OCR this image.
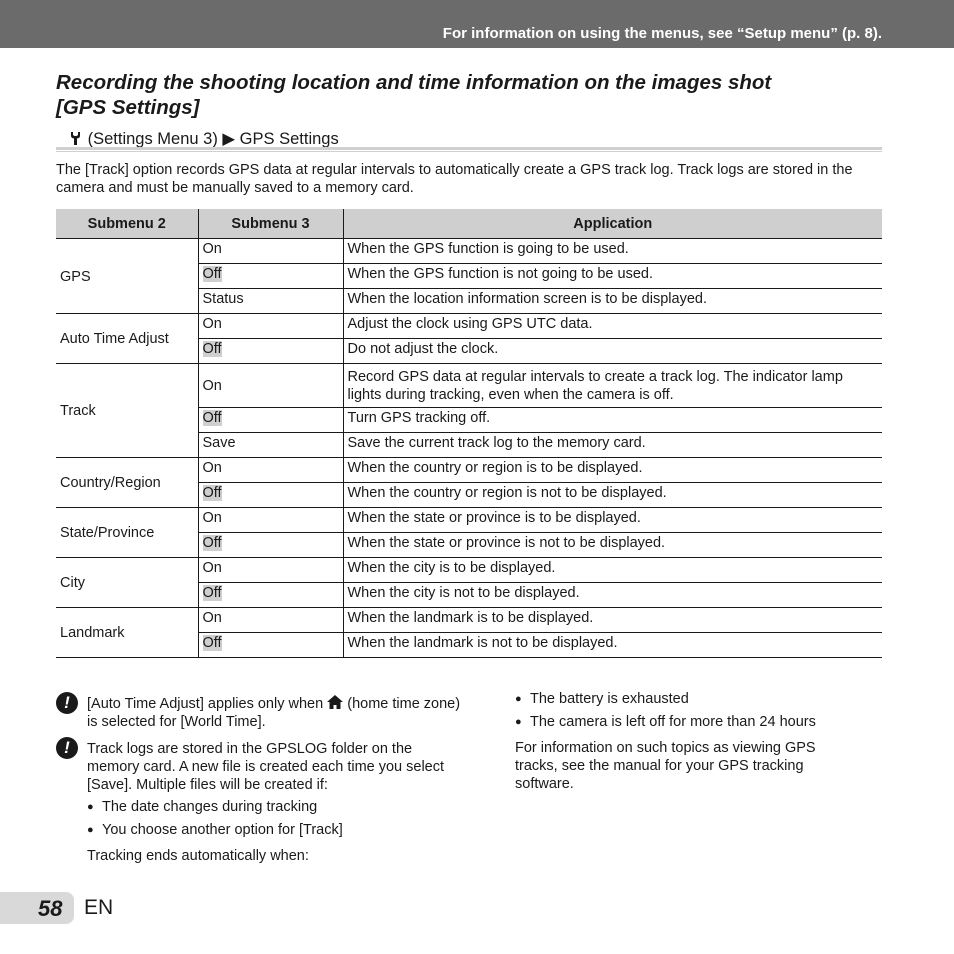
For information on using the menus, see “Setup menu” (p. 8).
Recording the shooting location and time information on the images shot
[GPS Settings]
(Settings Menu 3) ▶ GPS Settings
The [Track] option records GPS data at regular intervals to automatically create a GPS track log. Track logs are stored in the camera and must be manually saved to a memory card.
Submenu 2	Submenu 3	Application
GPS	On	When the GPS function is going to be used.
	Off	When the GPS function is not going to be used.
	Status	When the location information screen is to be displayed.
Auto Time Adjust	On	Adjust the clock using GPS UTC data.
	Off	Do not adjust the clock.
Track	On	Record GPS data at regular intervals to create a track log. The indicator lamp lights during tracking, even when the camera is off.
	Off	Turn GPS tracking off.
	Save	Save the current track log to the memory card.
Country/Region	On	When the country or region is to be displayed.
	Off	When the country or region is not to be displayed.
State/Province	On	When the state or province is to be displayed.
	Off	When the state or province is not to be displayed.
City	On	When the city is to be displayed.
	Off	When the city is not to be displayed.
Landmark	On	When the landmark is to be displayed.
	Off	When the landmark is not to be displayed.
!	[Auto Time Adjust] applies only when (home time zone) is selected for [World Time].
!	Track logs are stored in the GPSLOG folder on the memory card. A new file is created each time you select [Save]. Multiple files will be created if:
● The date changes during tracking
● You choose another option for [Track]
Tracking ends automatically when:
● The battery is exhausted
● The camera is left off for more than 24 hours
For information on such topics as viewing GPS tracks, see the manual for your GPS tracking software.
58 EN
